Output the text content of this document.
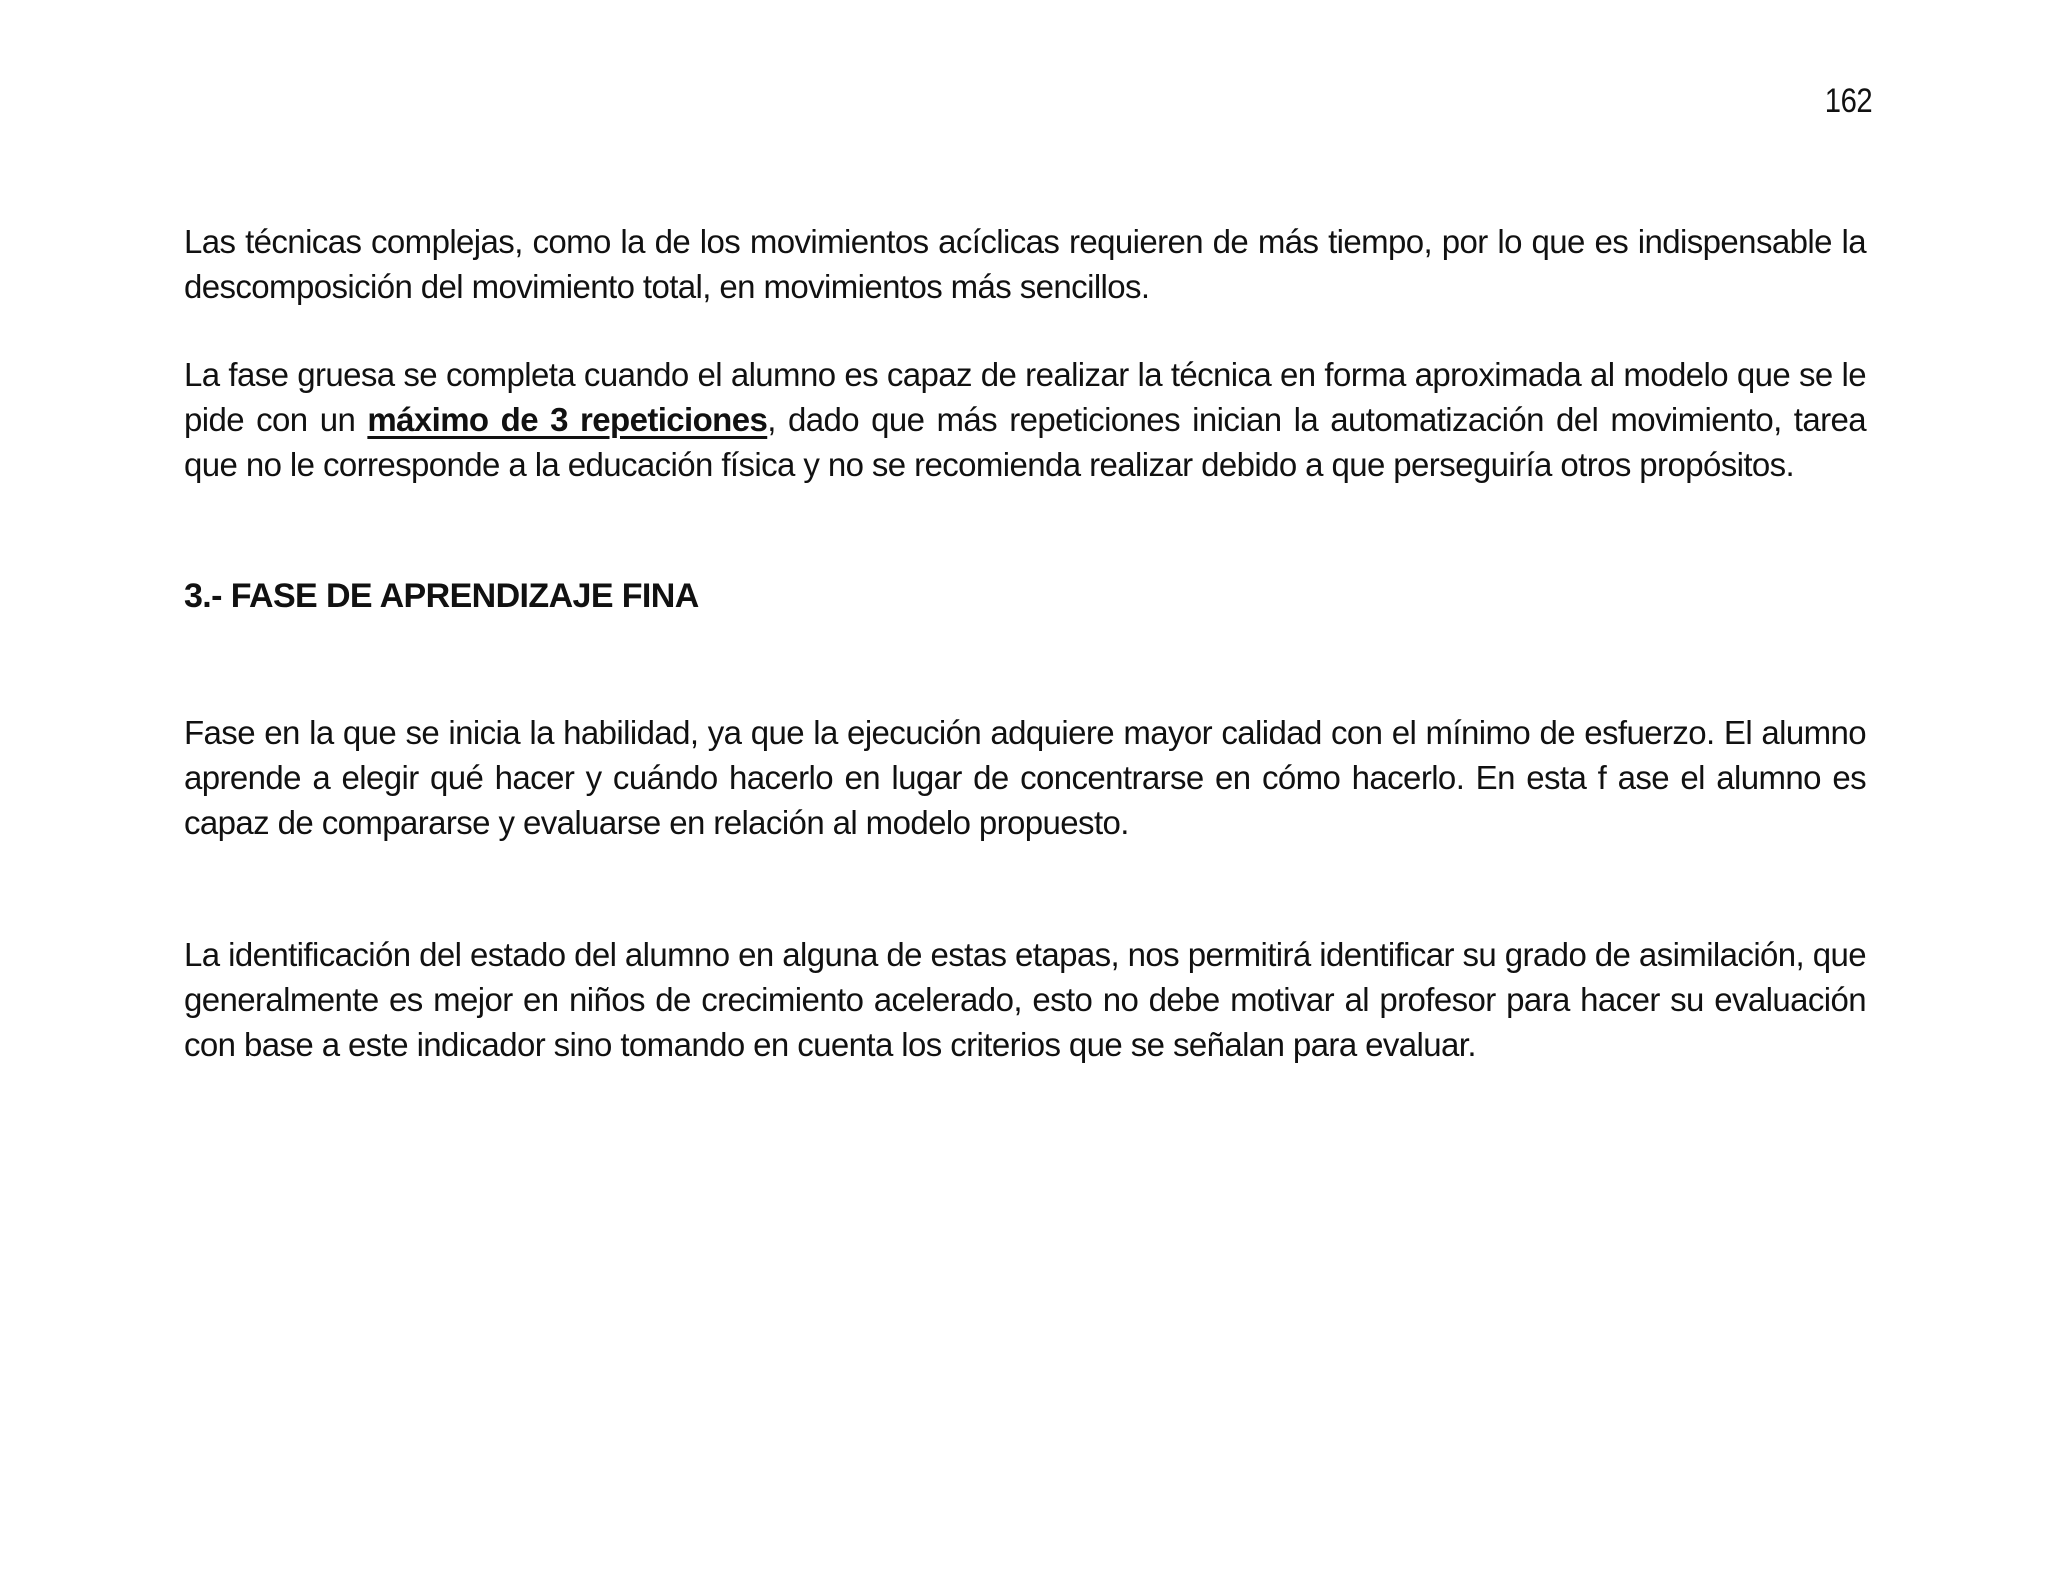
162

Las técnicas complejas, como la de los movimientos acíclicas requieren de más tiempo, por lo que es indispensable la descomposición del movimiento total, en movimientos más sencillos.

La fase gruesa se completa cuando el alumno es capaz de realizar la técnica en forma aproximada al modelo que se le pide con un máximo de 3 repeticiones, dado que más repeticiones inician la automatización del movimiento, tarea que no le corresponde a la educación física y no se recomienda realizar debido a que perseguiría otros propósitos.

3.- FASE DE APRENDIZAJE FINA

Fase en la que se inicia la habilidad, ya que la ejecución adquiere mayor calidad con el mínimo de esfuerzo. El alumno aprende a elegir qué hacer y cuándo hacerlo en lugar de concentrarse en cómo hacerlo. En esta f ase el alumno es capaz de compararse y evaluarse en relación al modelo propuesto.

La identificación del estado del alumno en alguna de estas etapas, nos permitirá identificar su grado de asimilación, que generalmente es mejor en niños de crecimiento acelerado, esto no debe motivar al profesor para hacer su evaluación con base a este indicador sino tomando en cuenta los criterios que se señalan para evaluar.
